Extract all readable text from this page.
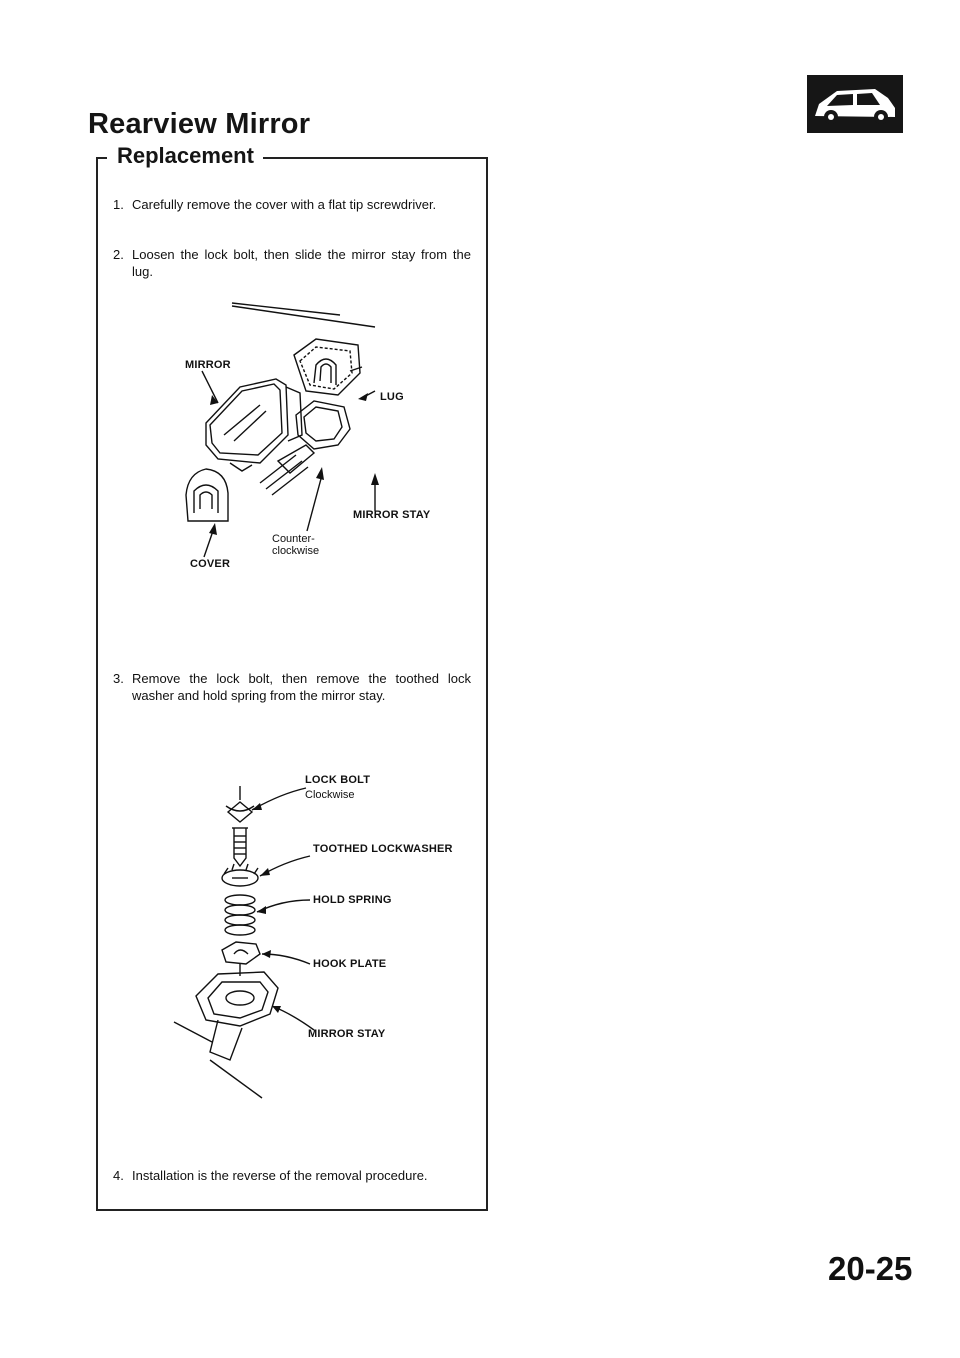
Rearview Mirror
Replacement
1. Carefully remove the cover with a flat tip screwdriver.
2. Loosen the lock bolt, then slide the mirror stay from the lug.
MIRROR
LUG
MIRROR STAY
Counter- clockwise
COVER
3. Remove the lock bolt, then remove the toothed lock washer and hold spring from the mirror stay.
LOCK BOLT
Clockwise
TOOTHED LOCKWASHER
HOLD SPRING
HOOK PLATE
MIRROR STAY
4. Installation is the reverse of the removal procedure.
20-25
